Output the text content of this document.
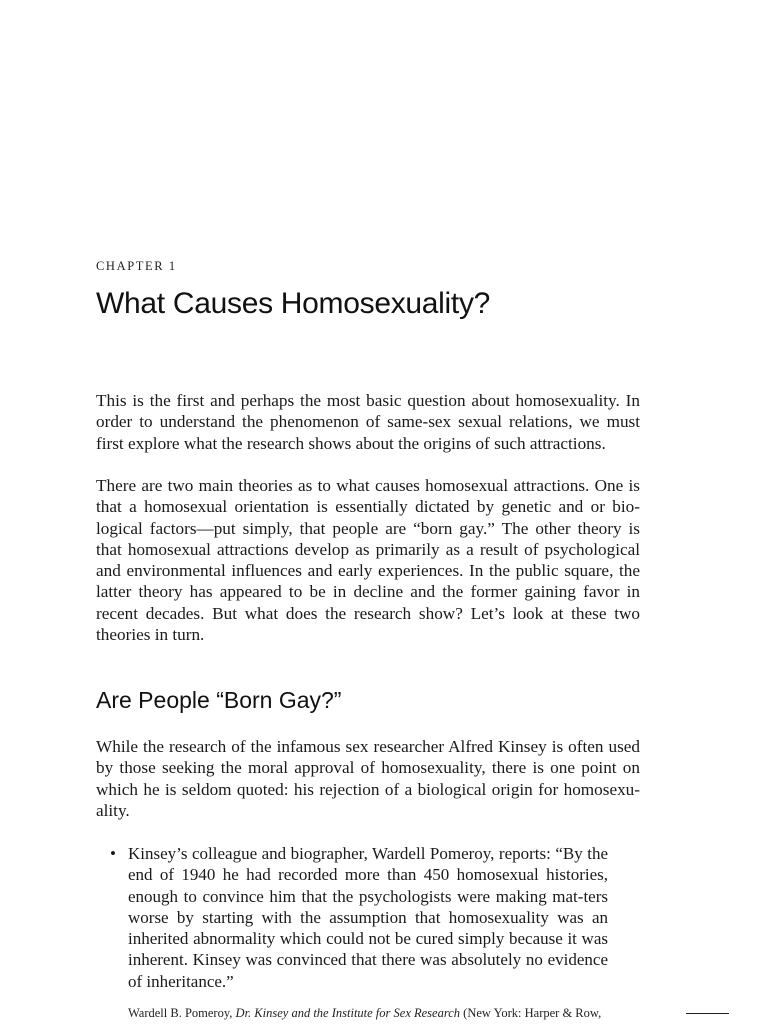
CHAPTER 1
What Causes Homosexuality?

This is the first and perhaps the most basic question about homosexuality. In order to understand the phenomenon of same-sex sexual relations, we must first explore what the research shows about the origins of such attractions.

There are two main theories as to what causes homosexual attractions. One is that a homosexual orientation is essentially dictated by genetic and or bio-logical factors—put simply, that people are “born gay.” The other theory is that homosexual attractions develop as primarily as a result of psychological and environmental influences and early experiences. In the public square, the latter theory has appeared to be in decline and the former gaining favor in recent decades. But what does the research show? Let’s look at these two theories in turn.

Are People “Born Gay?”

While the research of the infamous sex researcher Alfred Kinsey is often used by those seeking the moral approval of homosexuality, there is one point on which he is seldom quoted: his rejection of a biological origin for homosexu-ality.

• Kinsey’s colleague and biographer, Wardell Pomeroy, reports: “By the end of 1940 he had recorded more than 450 homosexual histories, enough to convince him that the psychologists were making mat-ters worse by starting with the assumption that homosexuality was an inherited abnormality which could not be cured simply because it was inherent. Kinsey was convinced that there was absolutely no evidence of inheritance.”

Wardell B. Pomeroy, Dr. Kinsey and the Institute for Sex Research (New York: Harper & Row,
